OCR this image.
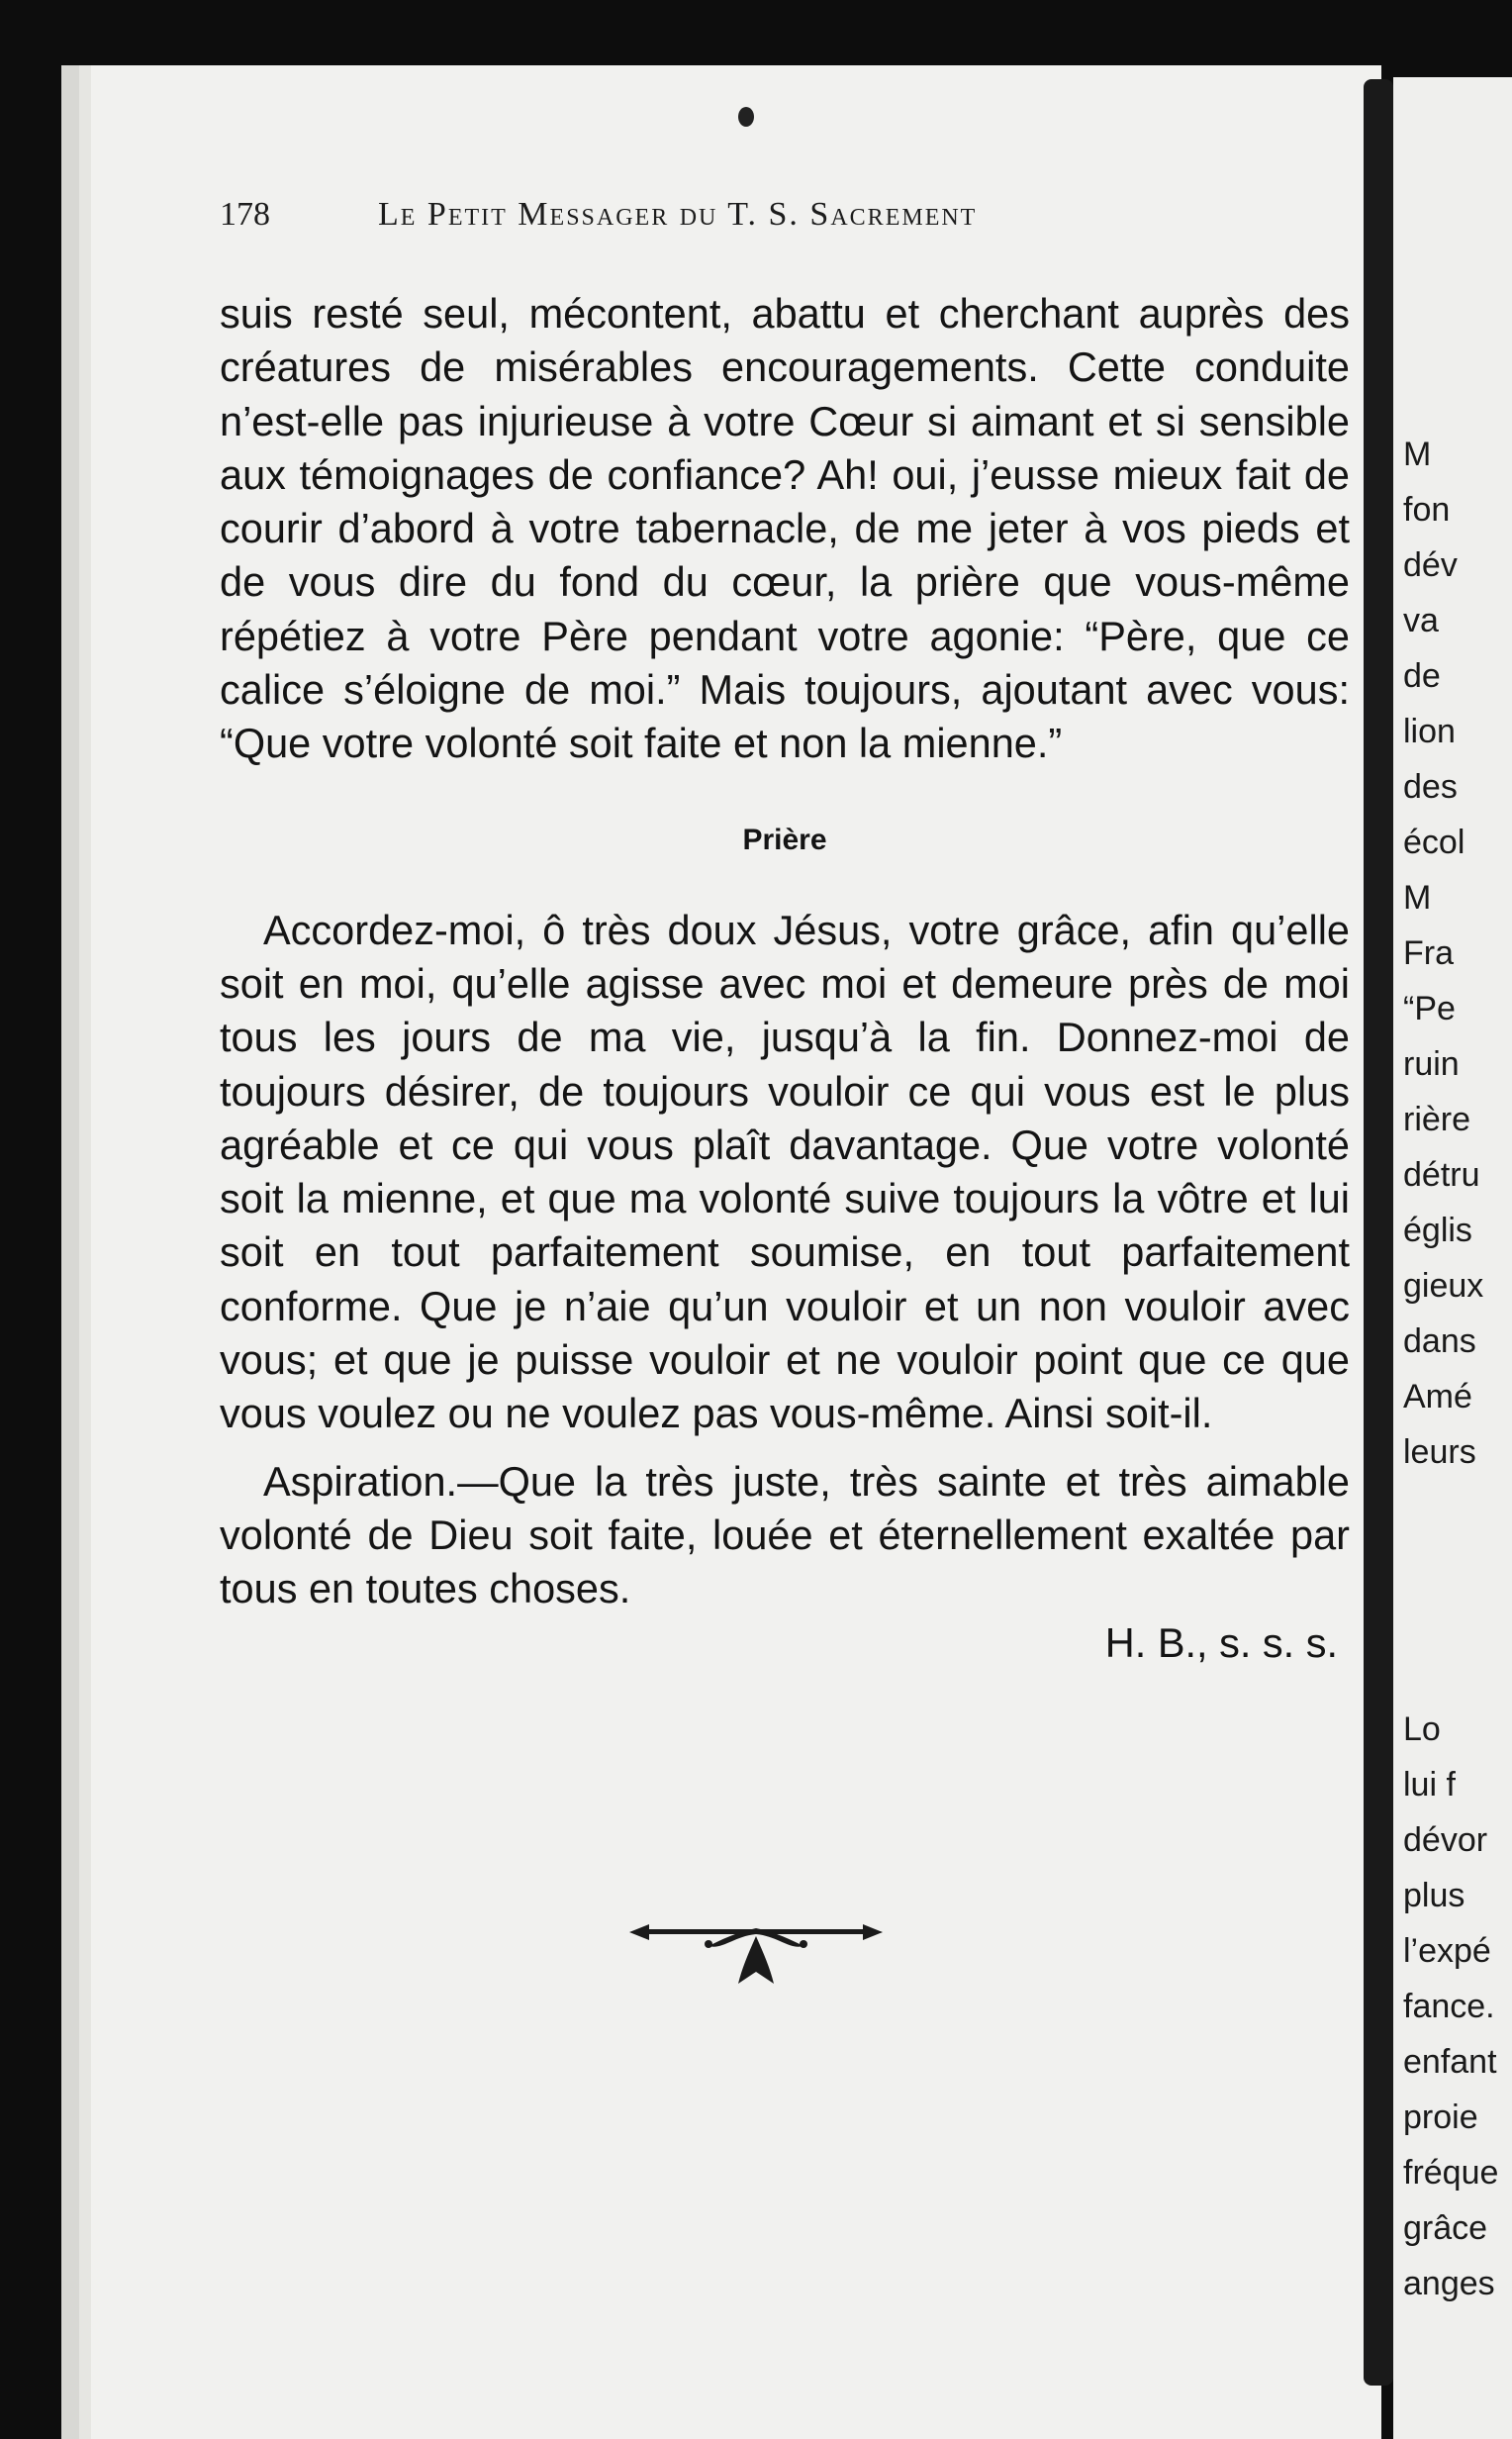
M
fon
dév
va
de
lion
des
écol
M
Fra
“Pe
ruin
rière
détru
églis
gieux
dans
Amé
leurs
Lo
lui f
dévor
plus
l’expé
fance.
enfant
proie
fréque
grâce
anges
178	Le Petit Messager du T. S. Sacrement

suis resté seul, mécontent, abattu et cherchant auprès des créatures de misérables encouragements. Cette conduite n’est-elle pas injurieuse à votre Cœur si aimant et si sensible aux témoignages de confiance? Ah! oui, j’eusse mieux fait de courir d’abord à votre tabernacle, de me jeter à vos pieds et de vous dire du fond du cœur, la prière que vous-même répétiez à votre Père pendant votre agonie: “Père, que ce calice s’éloigne de moi.” Mais toujours, ajoutant avec vous: “Que votre volonté soit faite et non la mienne.”

Prière

Accordez-moi, ô très doux Jésus, votre grâce, afin qu’elle soit en moi, qu’elle agisse avec moi et demeure près de moi tous les jours de ma vie, jusqu’à la fin. Donnez-moi de toujours désirer, de toujours vouloir ce qui vous est le plus agréable et ce qui vous plaît davantage. Que votre volonté soit la mienne, et que ma volonté suive toujours la vôtre et lui soit en tout parfaitement soumise, en tout parfaitement conforme. Que je n’aie qu’un vouloir et un non vouloir avec vous; et que je puisse vouloir et ne vouloir point que ce que vous voulez ou ne voulez pas vous-même. Ainsi soit-il.

Aspiration.—Que la très juste, très sainte et très aimable volonté de Dieu soit faite, louée et éternellement exaltée par tous en toutes choses.

H. B., s. s. s.
